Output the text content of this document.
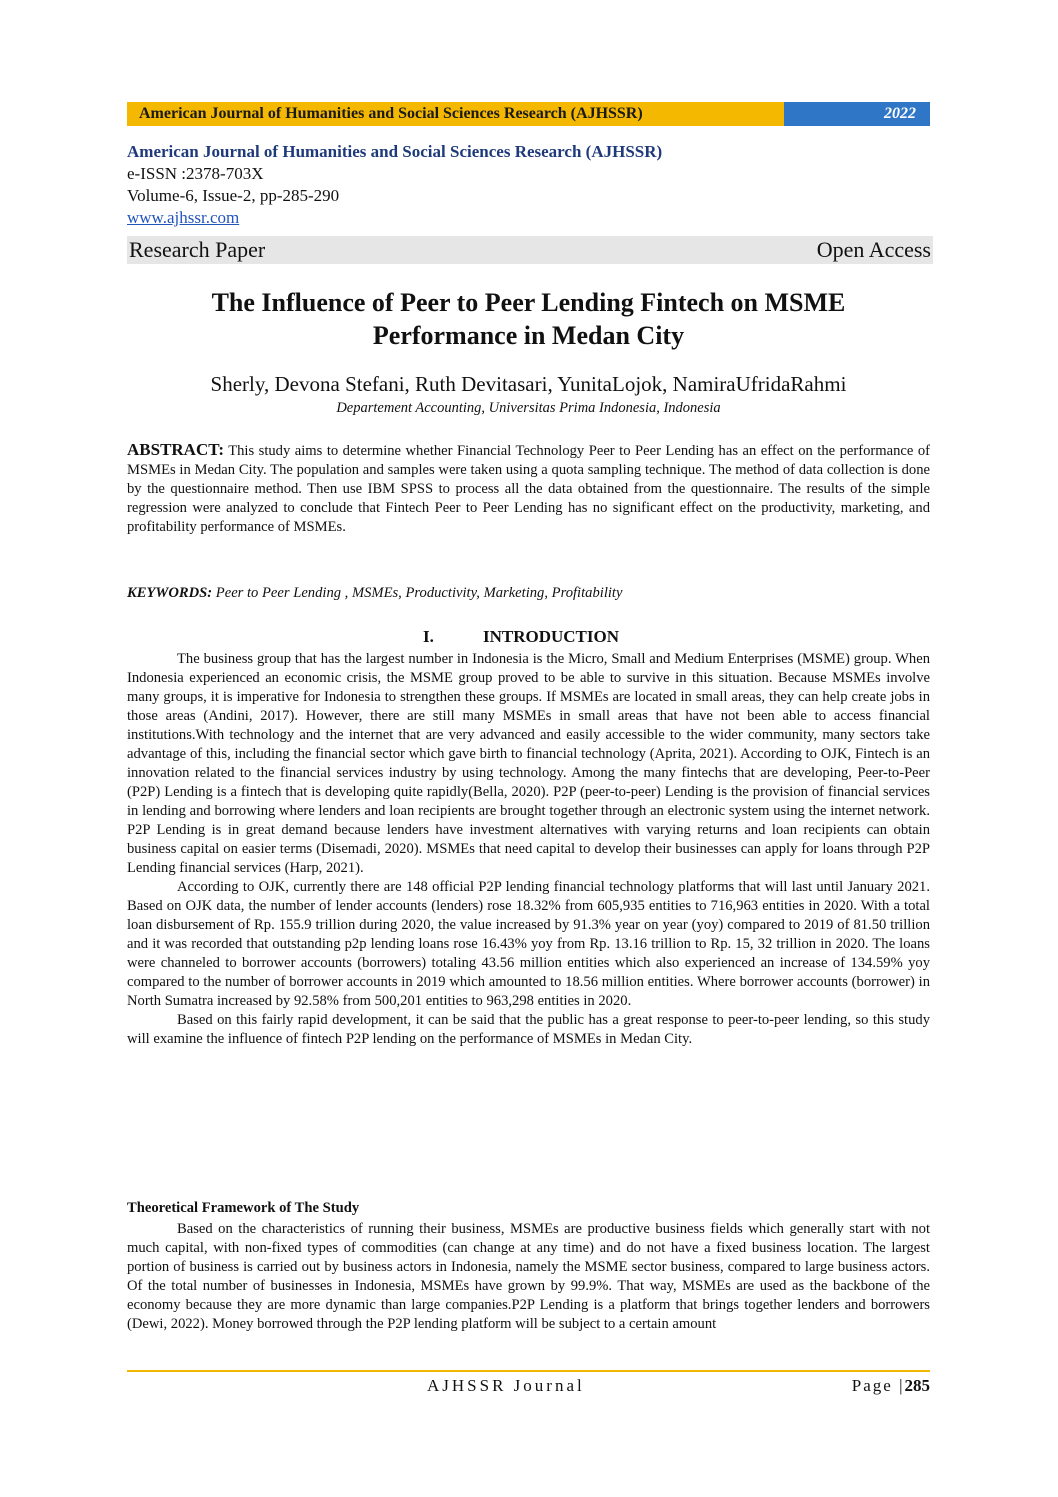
American Journal of Humanities and Social Sciences Research (AJHSSR)	2022
American Journal of Humanities and Social Sciences Research (AJHSSR)
e-ISSN :2378-703X
Volume-6, Issue-2, pp-285-290
www.ajhssr.com
Research Paper	Open Access
The Influence of Peer to Peer Lending Fintech on MSME
Performance in Medan City
Sherly, Devona Stefani, Ruth Devitasari, YunitaLojok, NamiraUfridaRahmi
Departement Accounting, Universitas Prima Indonesia, Indonesia
ABSTRACT: This study aims to determine whether Financial Technology Peer to Peer Lending has an effect on the performance of MSMEs in Medan City. The population and samples were taken using a quota sampling technique. The method of data collection is done by the questionnaire method. Then use IBM SPSS to process all the data obtained from the questionnaire. The results of the simple regression were analyzed to conclude that Fintech Peer to Peer Lending has no significant effect on the productivity, marketing, and profitability performance of MSMEs.
KEYWORDS: Peer to Peer Lending , MSMEs, Productivity, Marketing, Profitability
I.	INTRODUCTION

The business group that has the largest number in Indonesia is the Micro, Small and Medium Enterprises (MSME) group. When Indonesia experienced an economic crisis, the MSME group proved to be able to survive in this situation. Because MSMEs involve many groups, it is imperative for Indonesia to strengthen these groups. If MSMEs are located in small areas, they can help create jobs in those areas (Andini, 2017). However, there are still many MSMEs in small areas that have not been able to access financial institutions.With technology and the internet that are very advanced and easily accessible to the wider community, many sectors take advantage of this, including the financial sector which gave birth to financial technology (Aprita, 2021). According to OJK, Fintech is an innovation related to the financial services industry by using technology. Among the many fintechs that are developing, Peer-to-Peer (P2P) Lending is a fintech that is developing quite rapidly(Bella, 2020). P2P (peer-to-peer) Lending is the provision of financial services in lending and borrowing where lenders and loan recipients are brought together through an electronic system using the internet network. P2P Lending is in great demand because lenders have investment alternatives with varying returns and loan recipients can obtain business capital on easier terms (Disemadi, 2020). MSMEs that need capital to develop their businesses can apply for loans through P2P Lending financial services (Harp, 2021).

According to OJK, currently there are 148 official P2P lending financial technology platforms that will last until January 2021. Based on OJK data, the number of lender accounts (lenders) rose 18.32% from 605,935 entities to 716,963 entities in 2020. With a total loan disbursement of Rp. 155.9 trillion during 2020, the value increased by 91.3% year on year (yoy) compared to 2019 of 81.50 trillion and it was recorded that outstanding p2p lending loans rose 16.43% yoy from Rp. 13.16 trillion to Rp. 15, 32 trillion in 2020. The loans were channeled to borrower accounts (borrowers) totaling 43.56 million entities which also experienced an increase of 134.59% yoy compared to the number of borrower accounts in 2019 which amounted to 18.56 million entities. Where borrower accounts (borrower) in North Sumatra increased by 92.58% from 500,201 entities to 963,298 entities in 2020.

Based on this fairly rapid development, it can be said that the public has a great response to peer-to-peer lending, so this study will examine the influence of fintech P2P lending on the performance of MSMEs in Medan City.

Theoretical Framework of The Study

Based on the characteristics of running their business, MSMEs are productive business fields which generally start with not much capital, with non-fixed types of commodities (can change at any time) and do not have a fixed business location. The largest portion of business is carried out by business actors in Indonesia, namely the MSME sector business, compared to large business actors. Of the total number of businesses in Indonesia, MSMEs have grown by 99.9%. That way, MSMEs are used as the backbone of the economy because they are more dynamic than large companies.P2P Lending is a platform that brings together lenders and borrowers (Dewi, 2022). Money borrowed through the P2P lending platform will be subject to a certain amount

AJHSSR Journal	Page |285
